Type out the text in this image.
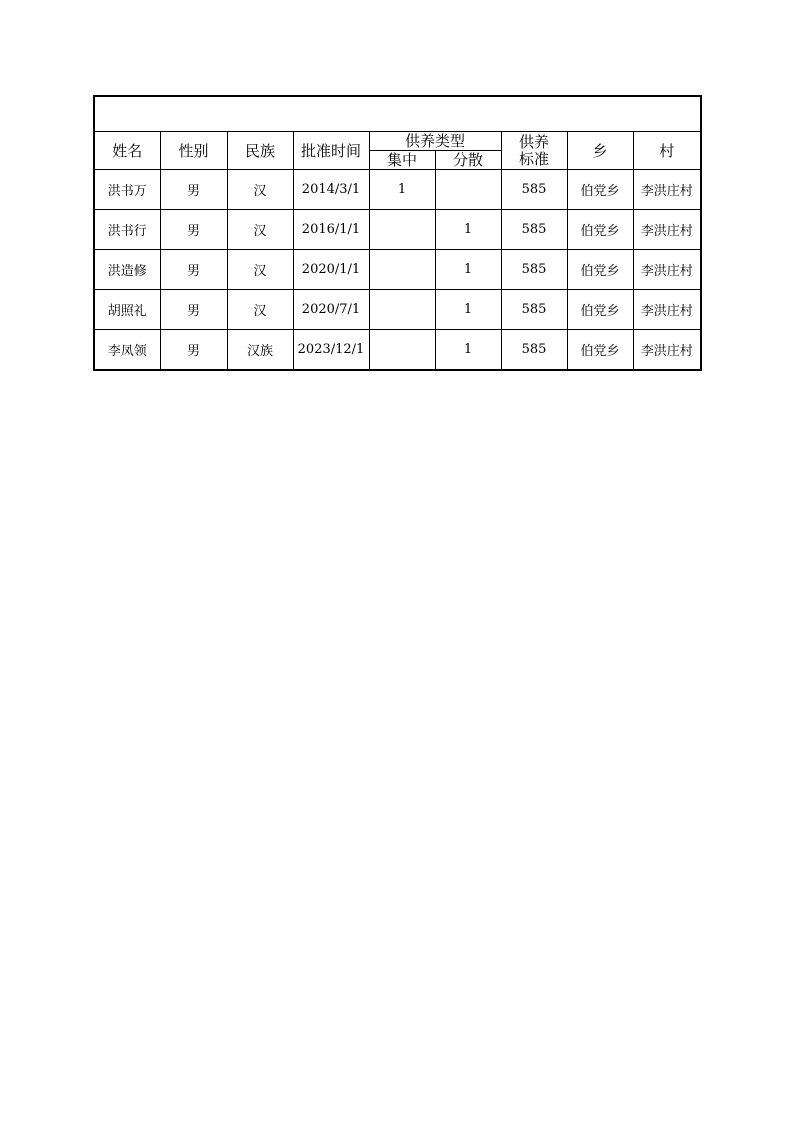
姓名	性别	民族	批准时间	供养类型		供养标准	乡	村
				集中	分散			
洪书万	男	汉	2014/3/1	1		585	伯党乡	李洪庄村
洪书行	男	汉	2016/1/1		1	585	伯党乡	李洪庄村
洪造修	男	汉	2020/1/1		1	585	伯党乡	李洪庄村
胡照礼	男	汉	2020/7/1		1	585	伯党乡	李洪庄村
李凤领	男	汉族	2023/12/1		1	585	伯党乡	李洪庄村
